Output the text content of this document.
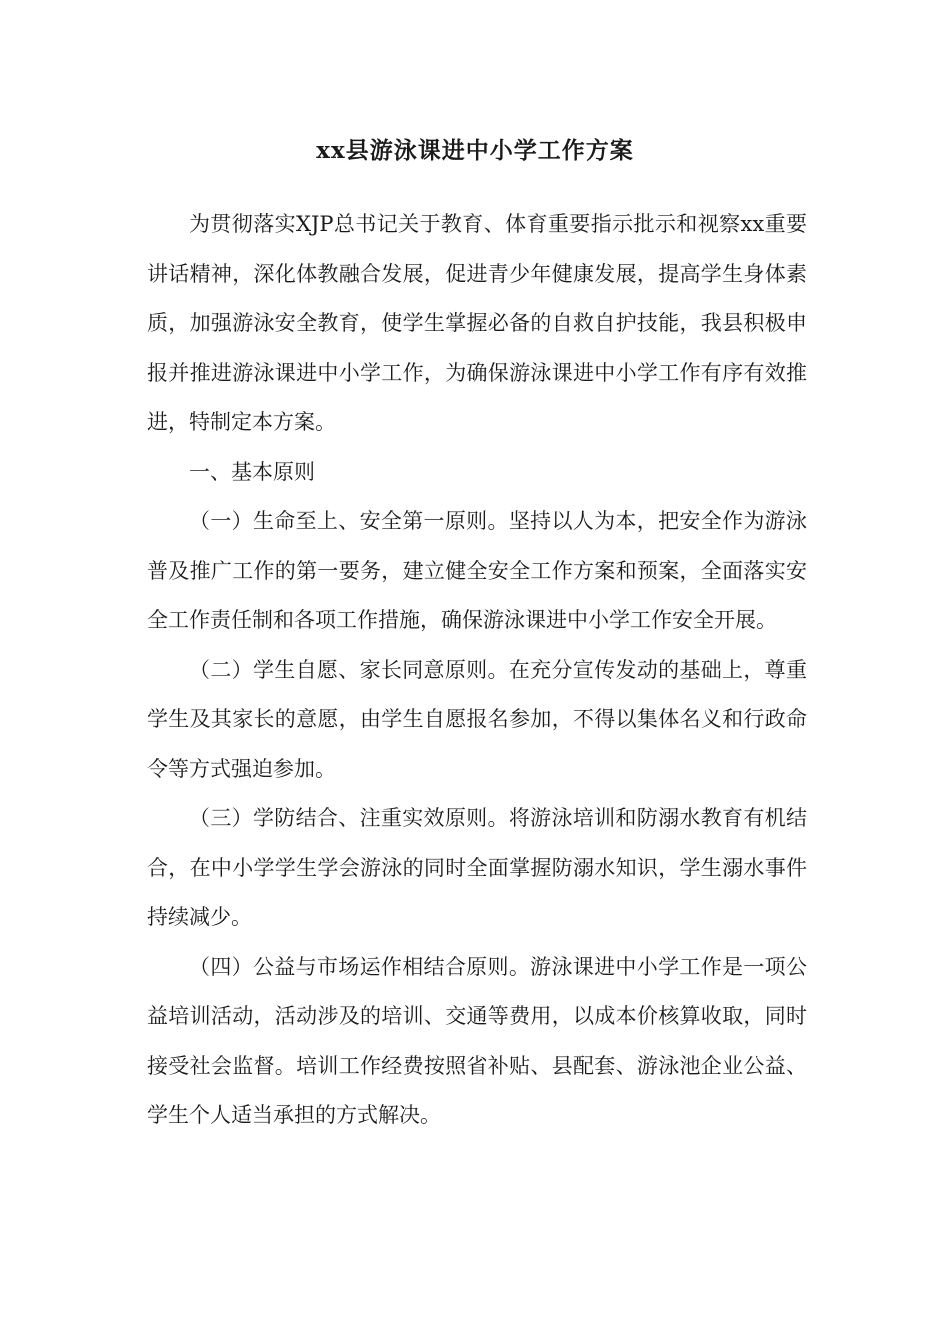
xx县游泳课进中小学工作方案

为贯彻落实XJP总书记关于教育、体育重要指示批示和视察xx重要讲话精神，深化体教融合发展，促进青少年健康发展，提高学生身体素质，加强游泳安全教育，使学生掌握必备的自救自护技能，我县积极申报并推进游泳课进中小学工作，为确保游泳课进中小学工作有序有效推进，特制定本方案。

一、基本原则

（一）生命至上、安全第一原则。坚持以人为本，把安全作为游泳普及推广工作的第一要务，建立健全安全工作方案和预案，全面落实安全工作责任制和各项工作措施，确保游泳课进中小学工作安全开展。

（二）学生自愿、家长同意原则。在充分宣传发动的基础上，尊重学生及其家长的意愿，由学生自愿报名参加，不得以集体名义和行政命令等方式强迫参加。

（三）学防结合、注重实效原则。将游泳培训和防溺水教育有机结合，在中小学学生学会游泳的同时全面掌握防溺水知识，学生溺水事件持续减少。

（四）公益与市场运作相结合原则。游泳课进中小学工作是一项公益培训活动，活动涉及的培训、交通等费用，以成本价核算收取，同时接受社会监督。培训工作经费按照省补贴、县配套、游泳池企业公益、学生个人适当承担的方式解决。
